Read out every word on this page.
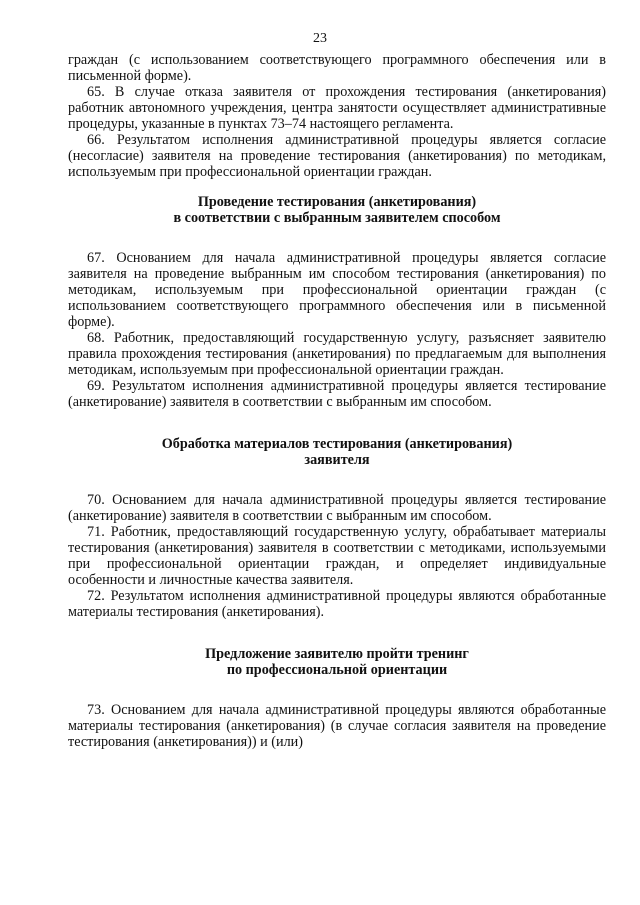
23

граждан (с использованием соответствующего программного обеспечения или в письменной форме).

65. В случае отказа заявителя от прохождения тестирования (анкетирования) работник автономного учреждения, центра занятости осуществляет административные процедуры, указанные в пунктах 73–74 настоящего регламента.

66. Результатом исполнения административной процедуры является согласие (несогласие) заявителя на проведение тестирования (анкетирования) по методикам, используемым при профессиональной ориентации граждан.

Проведение тестирования (анкетирования)
в соответствии с выбранным заявителем способом

67. Основанием для начала административной процедуры является согласие заявителя на проведение выбранным им способом тестирования (анкетирования) по методикам, используемым при профессиональной ориентации граждан (с использованием соответствующего программного обеспечения или в письменной форме).

68. Работник, предоставляющий государственную услугу, разъясняет заявителю правила прохождения тестирования (анкетирования) по предлагаемым для выполнения методикам, используемым при профессиональной ориентации граждан.

69. Результатом исполнения административной процедуры является тестирование (анкетирование) заявителя в соответствии с выбранным им способом.

Обработка материалов тестирования (анкетирования)
заявителя

70. Основанием для начала административной процедуры является тестирование (анкетирование) заявителя в соответствии с выбранным им способом.

71. Работник, предоставляющий государственную услугу, обрабатывает материалы тестирования (анкетирования) заявителя в соответствии с методиками, используемыми при профессиональной ориентации граждан, и определяет индивидуальные особенности и личностные качества заявителя.

72. Результатом исполнения административной процедуры являются обработанные материалы тестирования (анкетирования).

Предложение заявителю пройти тренинг
по профессиональной ориентации

73. Основанием для начала административной процедуры являются обработанные материалы тестирования (анкетирования) (в случае согласия заявителя на проведение тестирования (анкетирования)) и (или)
